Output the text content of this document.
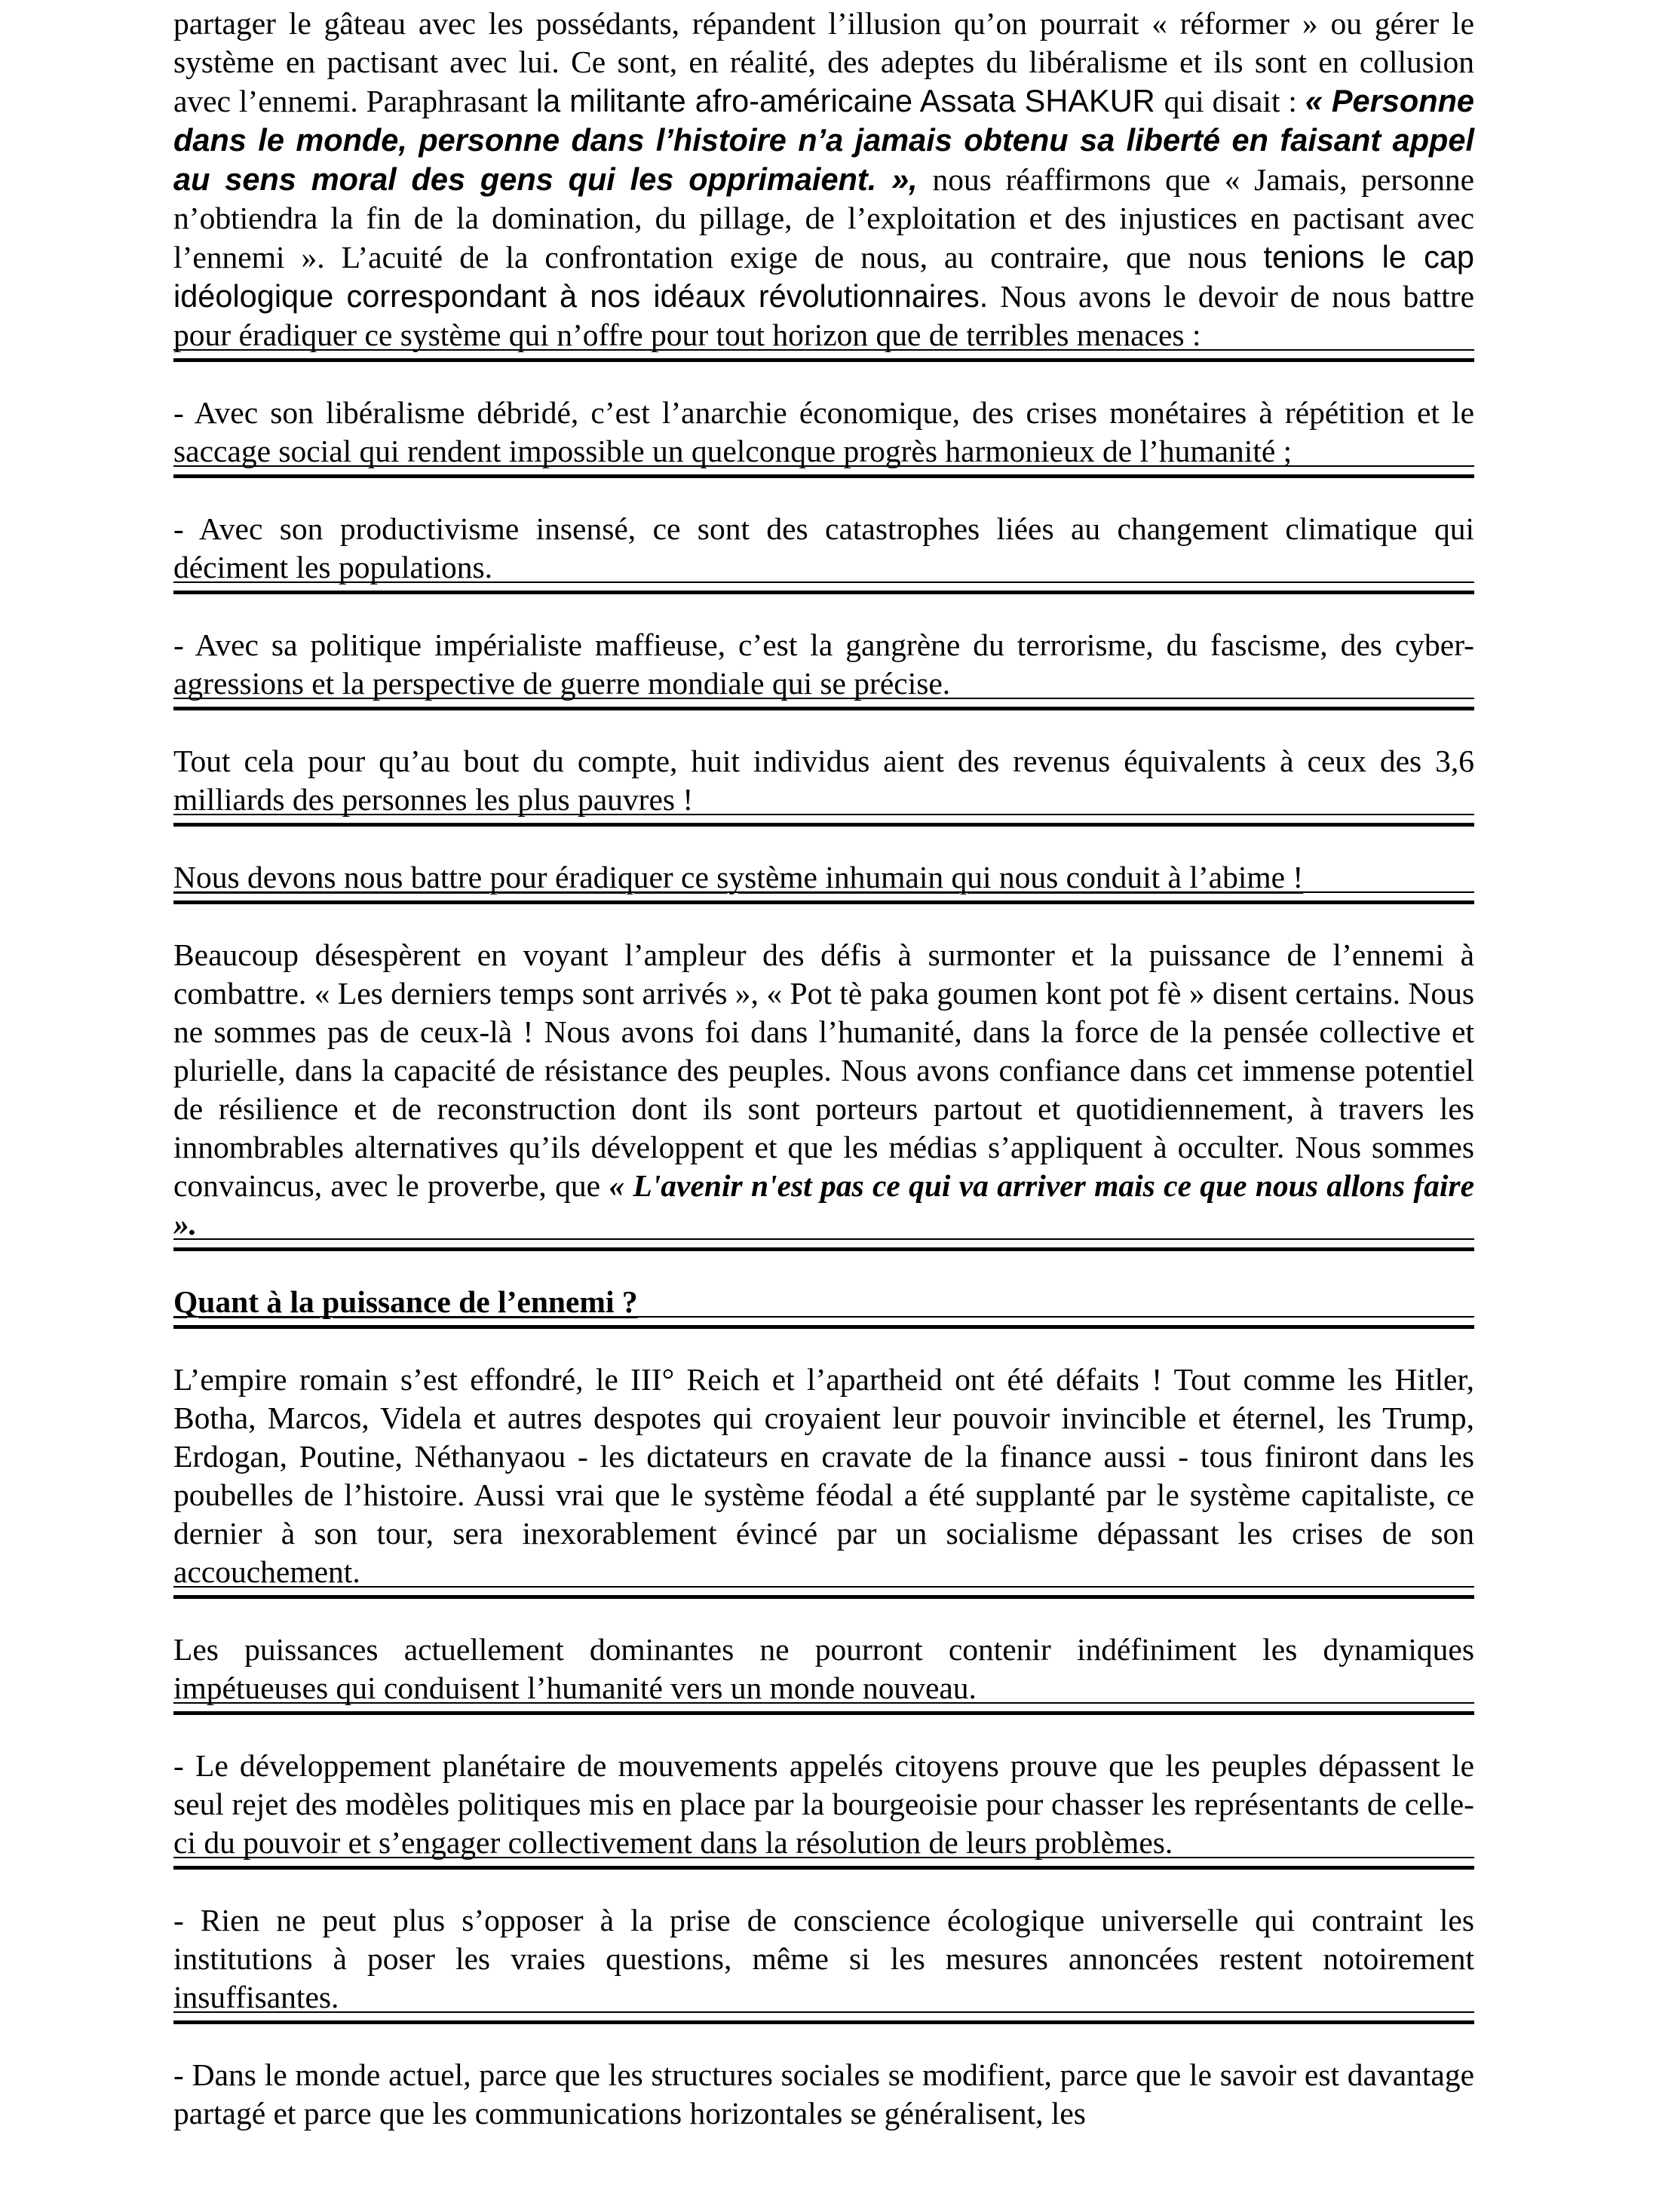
partager le gâteau avec les possédants, répandent l’illusion qu’on pourrait « réformer » ou gérer le système en pactisant avec lui. Ce sont, en réalité, des adeptes du libéralisme et ils sont en collusion avec l’ennemi. Paraphrasant la militante afro-américaine Assata SHAKUR qui disait : « Personne dans le monde, personne dans l’histoire n’a jamais obtenu sa liberté en faisant appel au sens moral des gens qui les opprimaient. », nous réaffirmons que « Jamais, personne n’obtiendra la fin de la domination, du pillage, de l’exploitation et des injustices en pactisant avec l’ennemi ». L’acuité de la confrontation exige de nous, au contraire, que nous tenions le cap idéologique correspondant à nos idéaux révolutionnaires. Nous avons le devoir de nous battre pour éradiquer ce système qui n’offre pour tout horizon que de terribles menaces :

- Avec son libéralisme débridé, c’est l’anarchie économique, des crises monétaires à répétition et le saccage social qui rendent impossible un quelconque progrès harmonieux de l’humanité ;

- Avec son productivisme insensé, ce sont des catastrophes liées au changement climatique qui déciment les populations.

- Avec sa politique impérialiste maffieuse, c’est la gangrène du terrorisme, du fascisme, des cyber-agressions et la perspective de guerre mondiale qui se précise.

Tout cela pour qu’au bout du compte, huit individus aient des revenus équivalents à ceux des 3,6 milliards des personnes les plus pauvres !

Nous devons nous battre pour éradiquer ce système inhumain qui nous conduit à l’abime !

Beaucoup désespèrent en voyant l’ampleur des défis à surmonter et la puissance de l’ennemi à combattre. « Les derniers temps sont arrivés », « Pot tè paka goumen kont pot fè » disent certains. Nous ne sommes pas de ceux-là ! Nous avons foi dans l’humanité, dans la force de la pensée collective et plurielle, dans la capacité de résistance des peuples. Nous avons confiance dans cet immense potentiel de résilience et de reconstruction dont ils sont porteurs partout et quotidiennement, à travers les innombrables alternatives qu’ils développent et que les médias s’appliquent à occulter. Nous sommes convaincus, avec le proverbe, que « L'avenir n'est pas ce qui va arriver mais ce que nous allons faire ».

Quant à la puissance de l’ennemi ?

L’empire romain s’est effondré, le III° Reich et l’apartheid ont été défaits ! Tout comme les Hitler, Botha, Marcos, Videla et autres despotes qui croyaient leur pouvoir invincible et éternel, les Trump, Erdogan, Poutine, Néthanyaou - les dictateurs en cravate de la finance aussi - tous finiront dans les poubelles de l’histoire. Aussi vrai que le système féodal a été supplanté par le système capitaliste, ce dernier à son tour, sera inexorablement évincé par un socialisme dépassant les crises de son accouchement.

Les puissances actuellement dominantes ne pourront contenir indéfiniment les dynamiques impétueuses qui conduisent l’humanité vers un monde nouveau.

- Le développement planétaire de mouvements appelés citoyens prouve que les peuples dépassent le seul rejet des modèles politiques mis en place par la bourgeoisie pour chasser les représentants de celle-ci du pouvoir et s’engager collectivement dans la résolution de leurs problèmes.

- Rien ne peut plus s’opposer à la prise de conscience écologique universelle qui contraint les institutions à poser les vraies questions, même si les mesures annoncées restent notoirement insuffisantes.

- Dans le monde actuel, parce que les structures sociales se modifient, parce que le savoir est davantage partagé et parce que les communications horizontales se généralisent, les
